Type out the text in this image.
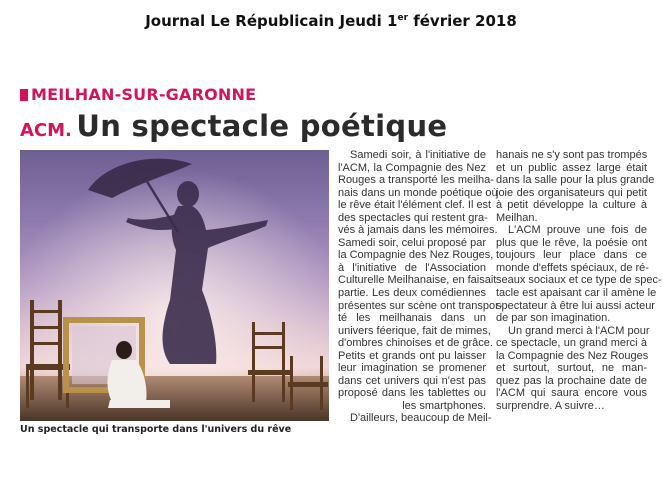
Journal Le Républicain Jeudi 1er février 2018
MEILHAN-SUR-GARONNE
ACM. Un spectacle poétique
Un spectacle qui transporte dans l'univers du rêve
Samedi soir, à l'initiative de
l'ACM, la Compagnie des Nez
Rouges a transporté les meilha-
nais dans un monde poétique où
le rêve était l'élément clef. Il est
des spectacles qui restent gra-
vés à jamais dans les mémoires.
Samedi soir, celui proposé par
la Compagnie des Nez Rouges,
à l'initiative de l'Association
Culturelle Meilhanaise, en faisait
partie. Les deux comédiennes
présentes sur scène ont transpor-
té les meilhanais dans un
univers féerique, fait de mimes,
d'ombres chinoises et de grâce.
Petits et grands ont pu laisser
leur imagination se promener
dans cet univers qui n'est pas
proposé dans les tablettes ou
les smartphones.
D'ailleurs, beaucoup de Meil-
hanais ne s'y sont pas trompés
et un public assez large était
dans la salle pour la plus grande
joie des organisateurs qui petit
à petit développe la culture à
Meilhan.
L'ACM prouve une fois de
plus que le rêve, la poésie ont
toujours leur place dans ce
monde d'effets spéciaux, de ré-
seaux sociaux et ce type de spec-
tacle est apaisant car il amène le
spectateur à être lui aussi acteur
de par son imagination.
Un grand merci à l'ACM pour
ce spectacle, un grand merci à
la Compagnie des Nez Rouges
et surtout, surtout, ne man-
quez pas la prochaine date de
l'ACM qui saura encore vous
surprendre. A suivre…
